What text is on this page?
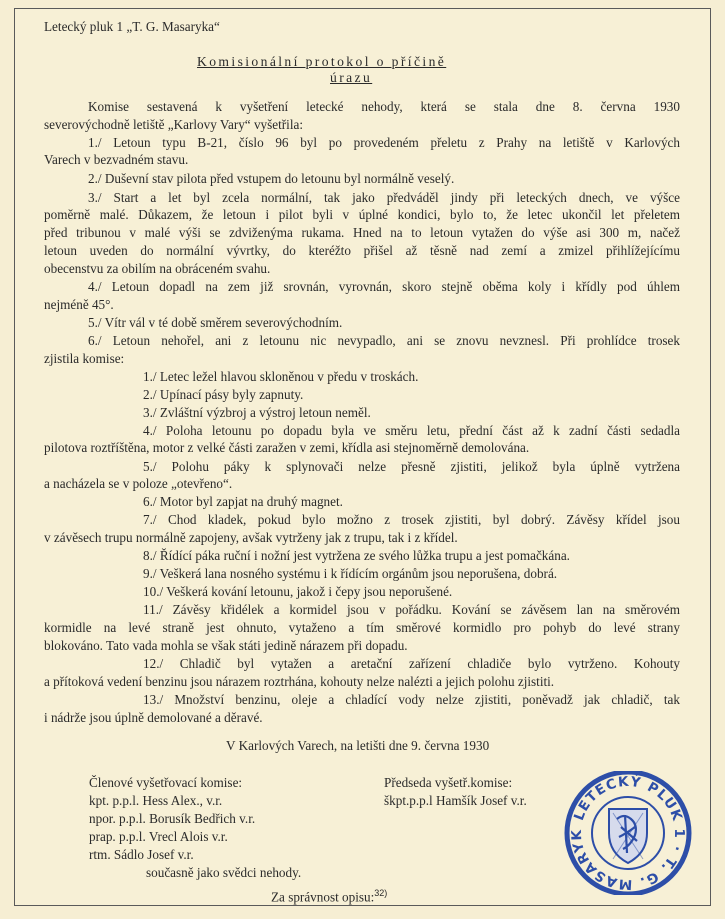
Letecký pluk 1 „T. G. Masaryka“
Komisionální protokol o příčině
úrazu
Komise sestavená k vyšetření letecké nehody, která se stala dne 8. června 1930
severovýchodně letiště „Karlovy Vary“ vyšetřila:
1./ Letoun typu B-21, číslo 96 byl po provedeném přeletu z Prahy na letiště v Karlových
Varech v bezvadném stavu.
2./ Duševní stav pilota před vstupem do letounu byl normálně veselý.
3./ Start a let byl zcela normální, tak jako předváděl jindy při leteckých dnech, ve výšce
poměrně malé. Důkazem, že letoun i pilot byli v úplné kondici, bylo to, že letec ukončil let přeletem
před tribunou v malé výši se zdviženýma rukama. Hned na to letoun vytažen do výše asi 300 m, načež
letoun uveden do normální vývrtky, do kteréžto přišel až těsně nad zemí a zmizel přihlížejícímu
obecenstvu za obilím na obráceném svahu.
4./ Letoun dopadl na zem již srovnán, vyrovnán, skoro stejně oběma koly i křídly pod úhlem
nejméně 45°.
5./ Vítr vál v té době směrem severovýchodním.
6./ Letoun nehořel, ani z letounu nic nevypadlo, ani se znovu nevznesl. Při prohlídce trosek
zjistila komise:
1./ Letec ležel hlavou skloněnou v předu v troskách.
2./ Upínací pásy byly zapnuty.
3./ Zvláštní výzbroj a výstroj letoun neměl.
4./ Poloha letounu po dopadu byla ve směru letu, přední část až k zadní části sedadla
pilotova roztříštěna, motor z velké části zaražen v zemi, křídla asi stejnoměrně demolována.
5./ Polohu páky k splynovači nelze přesně zjistiti, jelikož byla úplně vytržena
a nacházela se v poloze „otevřeno“.
6./ Motor byl zapjat na druhý magnet.
7./ Chod kladek, pokud bylo možno z trosek zjistiti, byl dobrý. Závěsy křídel jsou
v závěsech trupu normálně zapojeny, avšak vytrženy jak z trupu, tak i z křídel.
8./ Řídící páka ruční i nožní jest vytržena ze svého lůžka trupu a jest pomačkána.
9./ Veškerá lana nosného systému i k řídícím orgánům jsou neporušena, dobrá.
10./ Veškerá kování letounu, jakož i čepy jsou neporušené.
11./ Závěsy křidélek a kormidel jsou v pořádku. Kování se závěsem lan na směrovém
kormidle na levé straně jest ohnuto, vytaženo a tím směrové kormidlo pro pohyb do levé strany
blokováno. Tato vada mohla se však státi jedině nárazem při dopadu.
12./ Chladič byl vytažen a aretační zařízení chladiče bylo vytrženo. Kohouty
a přítoková vedení benzinu jsou nárazem roztrhána, kohouty nelze nalézti a jejich polohu zjistiti.
13./ Množství benzinu, oleje a chladící vody nelze zjistiti, poněvadž jak chladič, tak
i nádrže jsou úplně demolované a děravé.
V Karlových Varech, na letišti dne 9. června 1930
Členové vyšetřovací komise:
kpt. p.p.l. Hess Alex., v.r.
npor. p.p.l. Borusík Bedřich v.r.
prap. p.p.l. Vrecl Alois v.r.
rtm. Sádlo Josef v.r.
současně jako svědci nehody.
Předseda vyšetř.komise:
škpt.p.p.l Hamšík Josef v.r.
Za správnost opisu:$^{32)}$
LETECKÝ PLUK 1 · T. G. MASARYK
